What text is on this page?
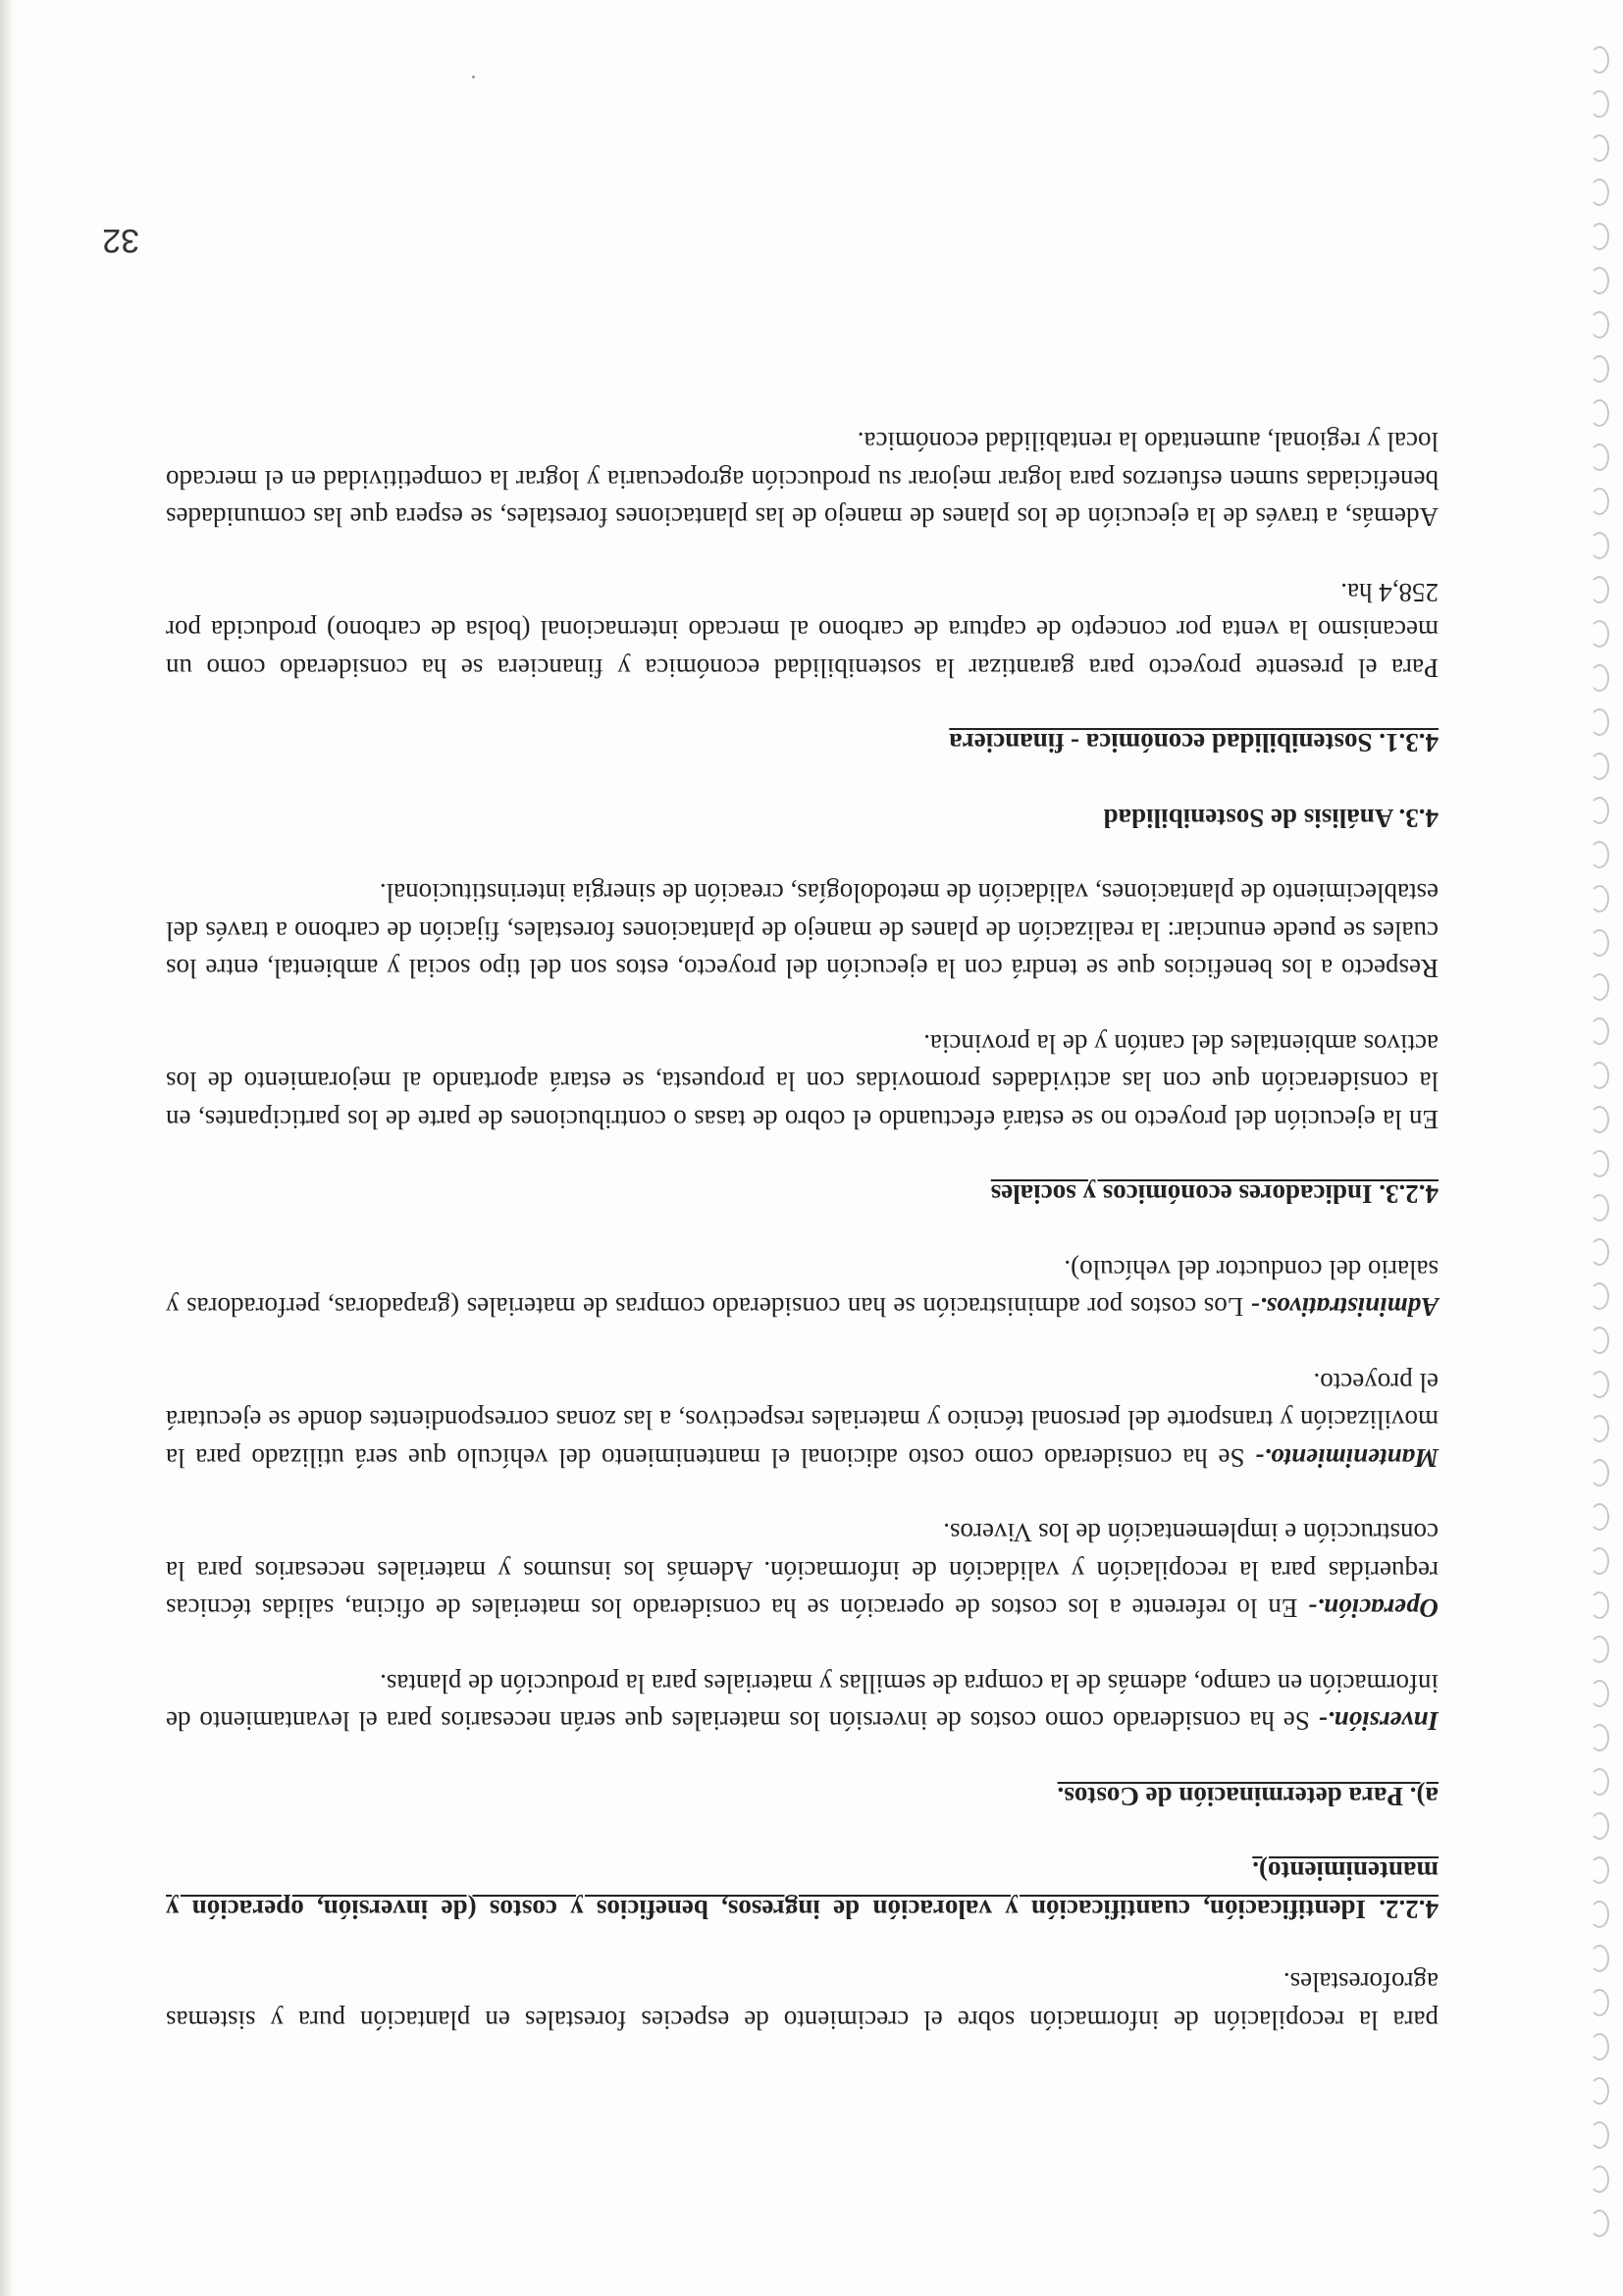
para la recopilación de información sobre el crecimiento de especies forestales en plantación pura y sistemas agroforestales.

4.2.2. Identificación, cuantificación y valoración de ingresos, beneficios y costos (de inversión, operación y mantenimiento).
a). Para determinación de Costos.

Inversión.- Se ha considerado como costos de inversión los materiales que serán necesarios para el levantamiento de información en campo, además de la compra de semillas y materiales para la producción de plantas.

Operación.- En lo referente a los costos de operación se ha considerado los materiales de oficina, salidas técnicas requeridas para la recopilación y validación de información. Además los insumos y materiales necesarios para la construcción e implementación de los Viveros.

Mantenimiento.- Se ha considerado como costo adicional el mantenimiento del vehículo que será utilizado para la movilización y transporte del personal técnico y materiales respectivos, a las zonas correspondientes donde se ejecutará el proyecto.

Administrativos.- Los costos por administración se han considerado compras de materiales (grapadoras, perforadoras y salario del conductor del vehículo).

4.2.3. Indicadores económicos y sociales

En la ejecución del proyecto no se estará efectuando el cobro de tasas o contribuciones de parte de los participantes, en la consideración que con las actividades promovidas con la propuesta, se estará aportando al mejoramiento de los activos ambientales del cantón y de la provincia.

Respecto a los beneficios que se tendrá con la ejecución del proyecto, estos son del tipo social y ambiental, entre los cuales se puede enunciar: la realización de planes de manejo de plantaciones forestales, fijación de carbono a través del establecimiento de plantaciones, validación de metodologías, creación de sinergia interinstitucional.

4.3. Análisis de Sostenibilidad
4.3.1. Sostenibilidad económica - financiera

Para el presente proyecto para garantizar la sostenibilidad económica y financiera se ha considerado como un mecanismo la venta por concepto de captura de carbono al mercado internacional (bolsa de carbono) producida por 258,4 ha.

Además, a través de la ejecución de los planes de manejo de las plantaciones forestales, se espera que las comunidades beneficiadas sumen esfuerzos para lograr mejorar su producción agropecuaria y lograr la competitividad en el mercado local y regional, aumentado la rentabilidad económica.

32
